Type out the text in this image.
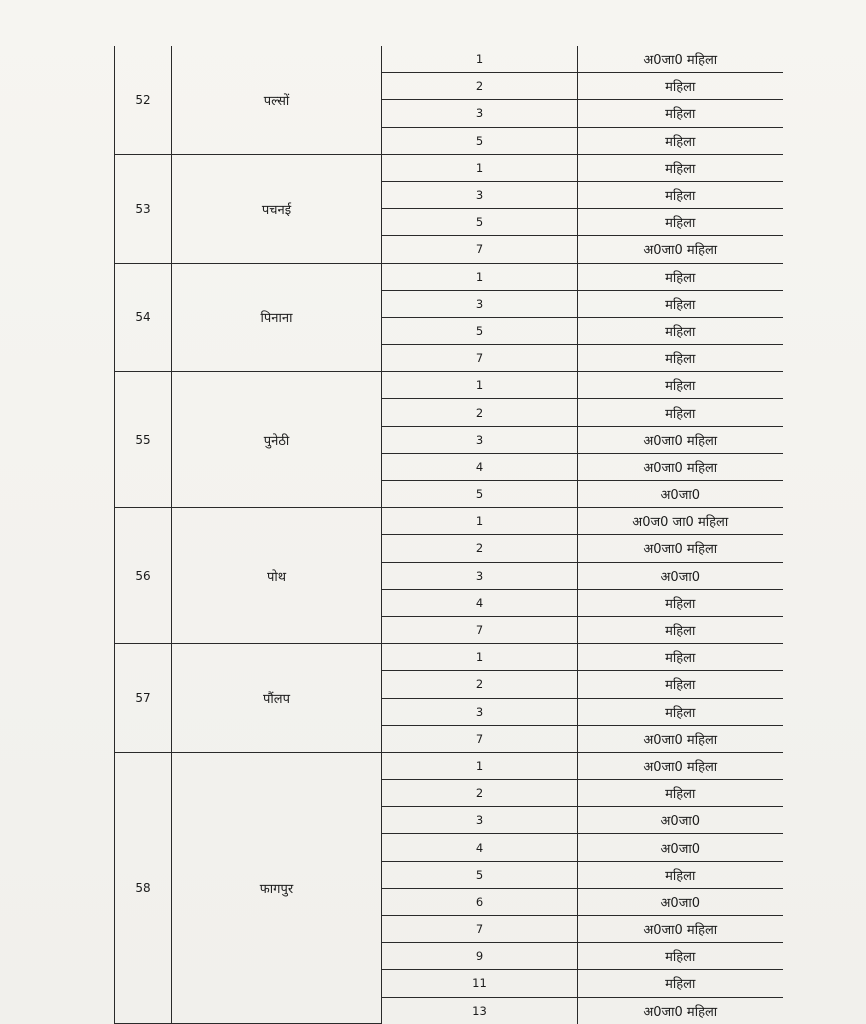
52	पल्सों	1	अ0जा0 महिला
		2	महिला
		3	महिला
		5	महिला
53	पचनई	1	महिला
		3	महिला
		5	महिला
		7	अ0जा0 महिला
54	पिनाना	1	महिला
		3	महिला
		5	महिला
		7	महिला
55	पुनेठी	1	महिला
		2	महिला
		3	अ0जा0 महिला
		4	अ0जा0 महिला
		5	अ0जा0
56	पोथ	1	अ0ज0 जा0 महिला
		2	अ0जा0 महिला
		3	अ0जा0
		4	महिला
		7	महिला
57	पौंलप	1	महिला
		2	महिला
		3	महिला
		7	अ0जा0 महिला
58	फागपुर	1	अ0जा0 महिला
		2	महिला
		3	अ0जा0
		4	अ0जा0
		5	महिला
		6	अ0जा0
		7	अ0जा0 महिला
		9	महिला
		11	महिला
		13	अ0जा0 महिला
